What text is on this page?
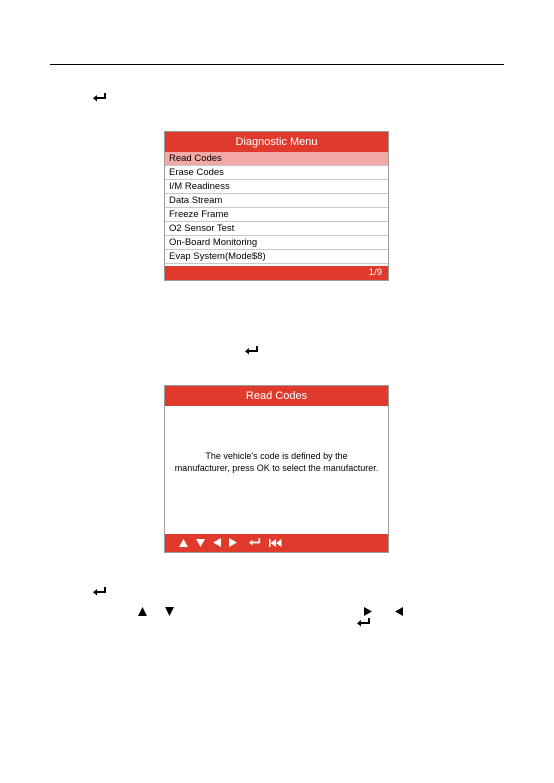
Diagnostic Menu
Read Codes
Erase Codes
I/M Readiness
Data Stream
Freeze Frame
O2 Sensor Test
On-Board Monitoring
Evap System(Mode$8)
1/9
Read Codes
The vehicle's code is defined by the
manufacturer, press OK to select the manufacturer.
